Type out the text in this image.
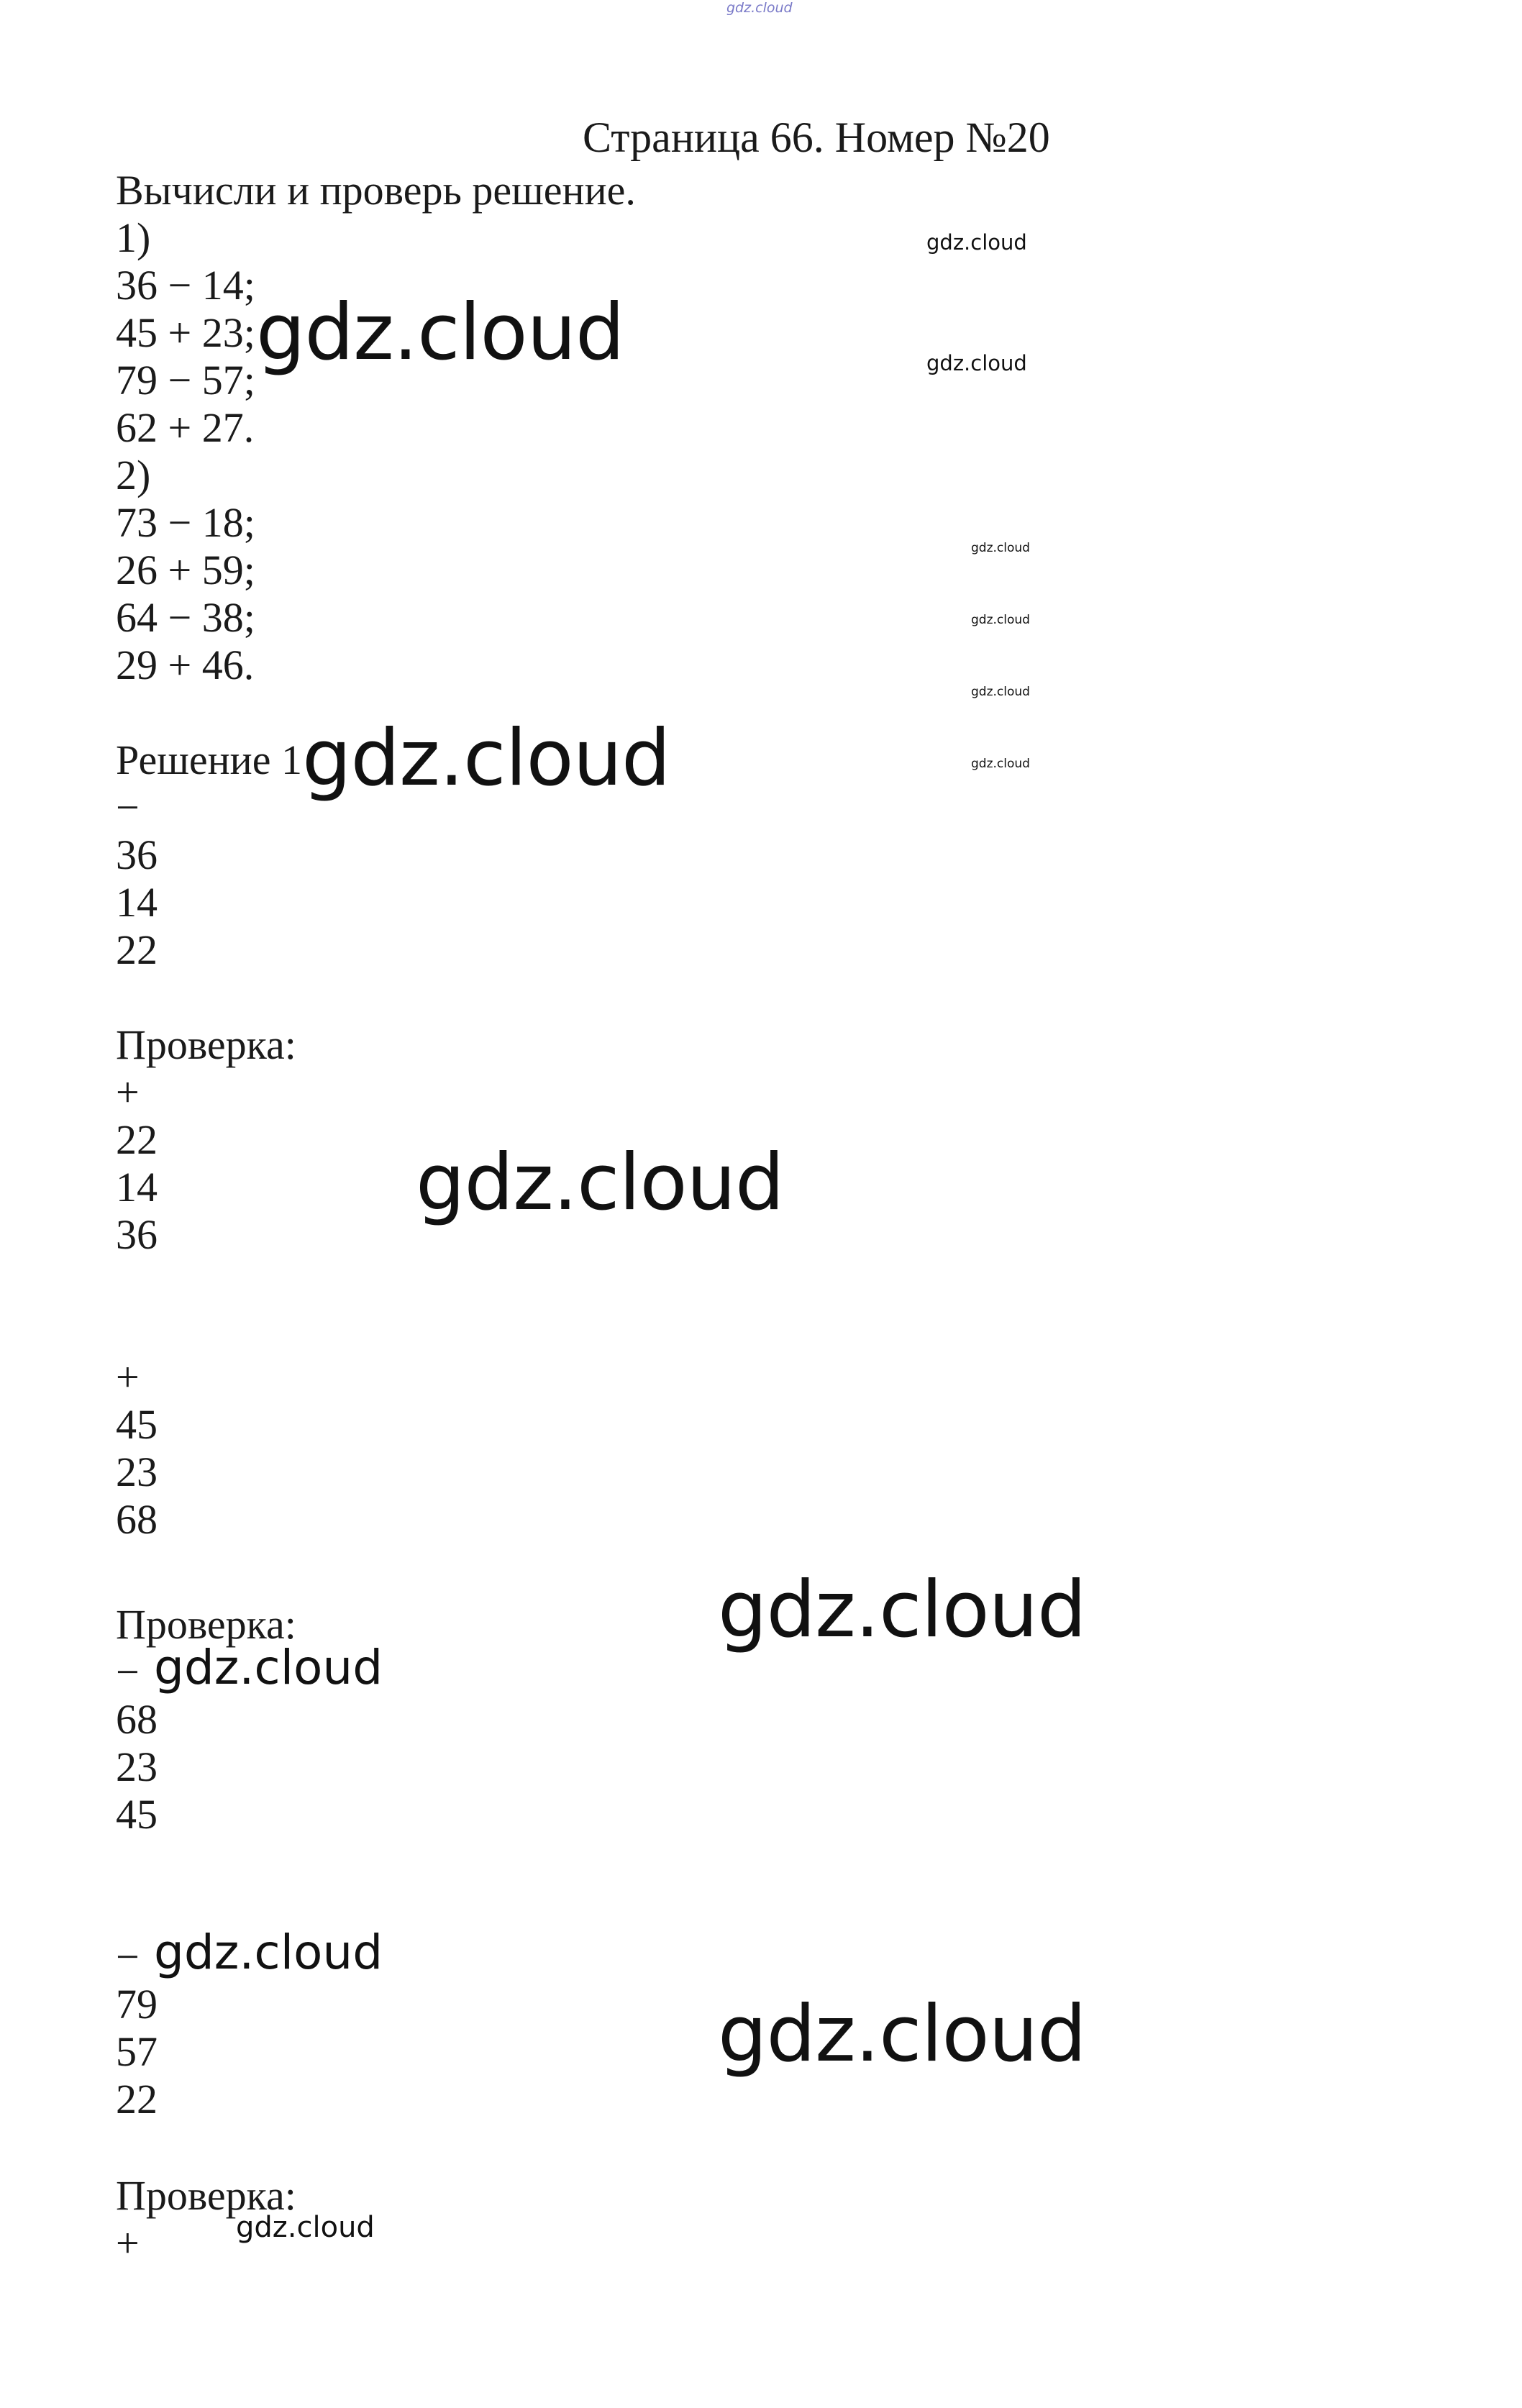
gdz.cloud
Страница 66. Номер №20
Вычисли и проверь решение.
1)
36 − 14;
45 + 23;
79 − 57;
62 + 27.
2)
73 − 18;
26 + 59;
64 − 38;
29 + 46.
Решение 1
−
36
14
22
Проверка:
+
22
14
36
+
45
23
68
Проверка:
−
68
23
45
−
79
57
22
Проверка:
+
gdz.cloud
gdz.cloud
gdz.cloud
gdz.cloud
gdz.cloud
gdz.cloud
gdz.cloud
gdz.cloud
gdz.cloud
gdz.cloud
gdz.cloud
gdz.cloud
gdz.cloud
gdz.cloud
